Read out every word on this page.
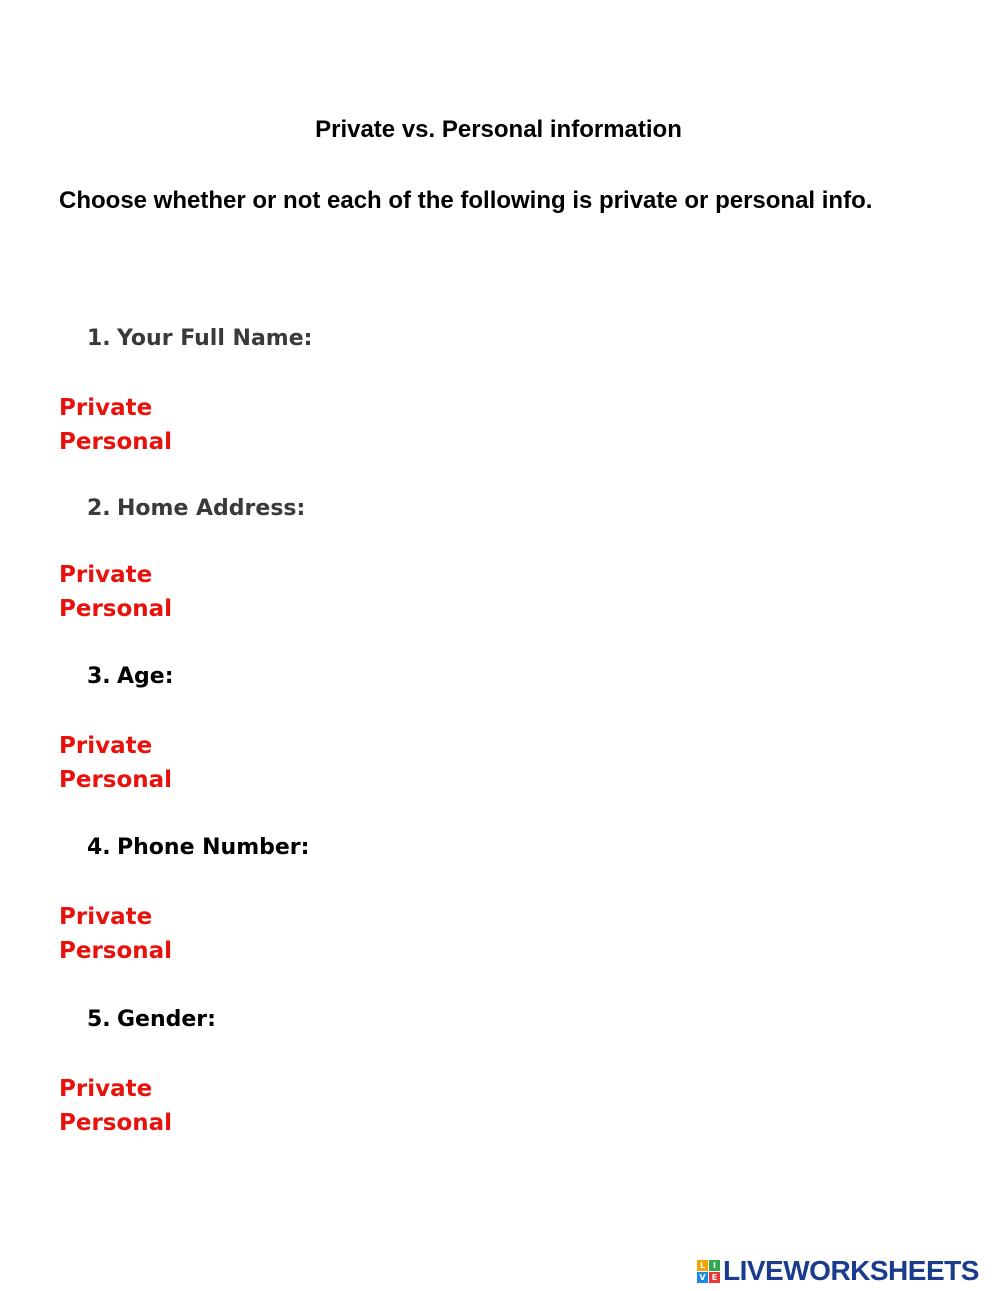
Private vs. Personal information
Choose whether or not each of the following is private or personal info.
1. Your Full Name:
Private
Personal
2. Home Address:
Private
Personal
3. Age:
Private
Personal
4. Phone Number:
Private
Personal
5. Gender:
Private
Personal
L I
V E LIVEWORKSHEETS
